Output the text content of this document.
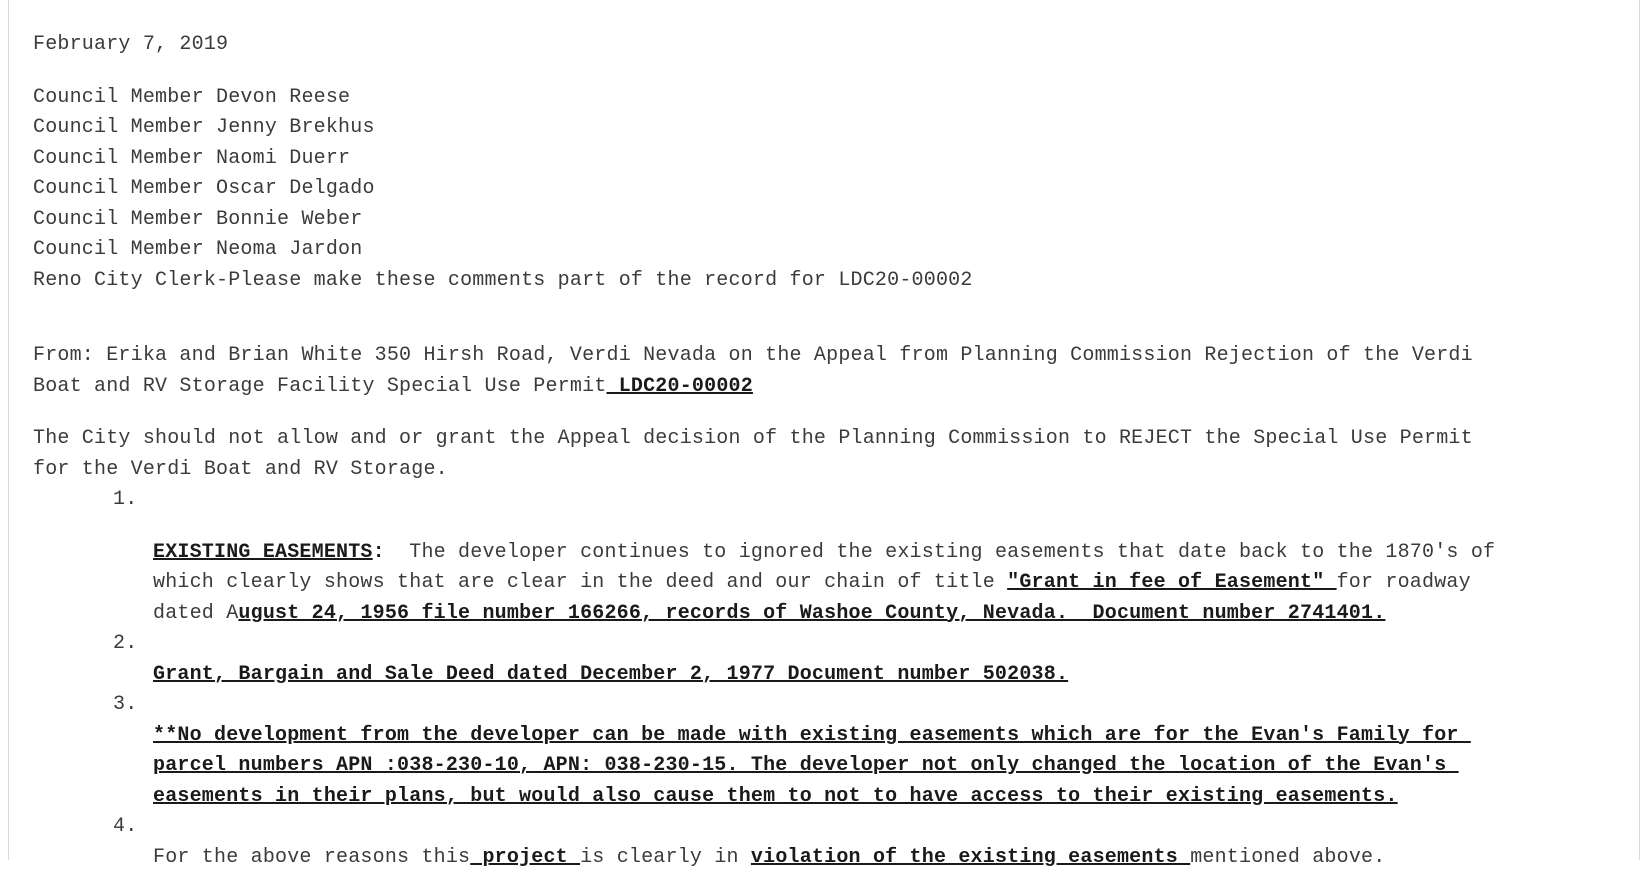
February 7, 2019
Council Member Devon Reese
Council Member Jenny Brekhus
Council Member Naomi Duerr
Council Member Oscar Delgado
Council Member Bonnie Weber
Council Member Neoma Jardon
Reno City Clerk-Please make these comments part of the record for LDC20-00002
From: Erika and Brian White 350 Hirsh Road, Verdi Nevada on the Appeal from Planning Commission Rejection of the Verdi
Boat and RV Storage Facility Special Use Permit LDC20-00002
The City should not allow and or grant the Appeal decision of the Planning Commission to REJECT the Special Use Permit
for the Verdi Boat and RV Storage.
1.
EXISTING EASEMENTS:  The developer continues to ignored the existing easements that date back to the 1870's of
which clearly shows that are clear in the deed and our chain of title "Grant in fee of Easement" for roadway
dated August 24, 1956 file number 166266, records of Washoe County, Nevada.  Document number 2741401.
2.
Grant, Bargain and Sale Deed dated December 2, 1977 Document number 502038.
3.
**No development from the developer can be made with existing easements which are for the Evan's Family for
parcel numbers APN :038-230-10, APN: 038-230-15. The developer not only changed the location of the Evan's
easements in their plans, but would also cause them to not to have access to their existing easements.
4.
For the above reasons this project is clearly in violation of the existing easements mentioned above.
